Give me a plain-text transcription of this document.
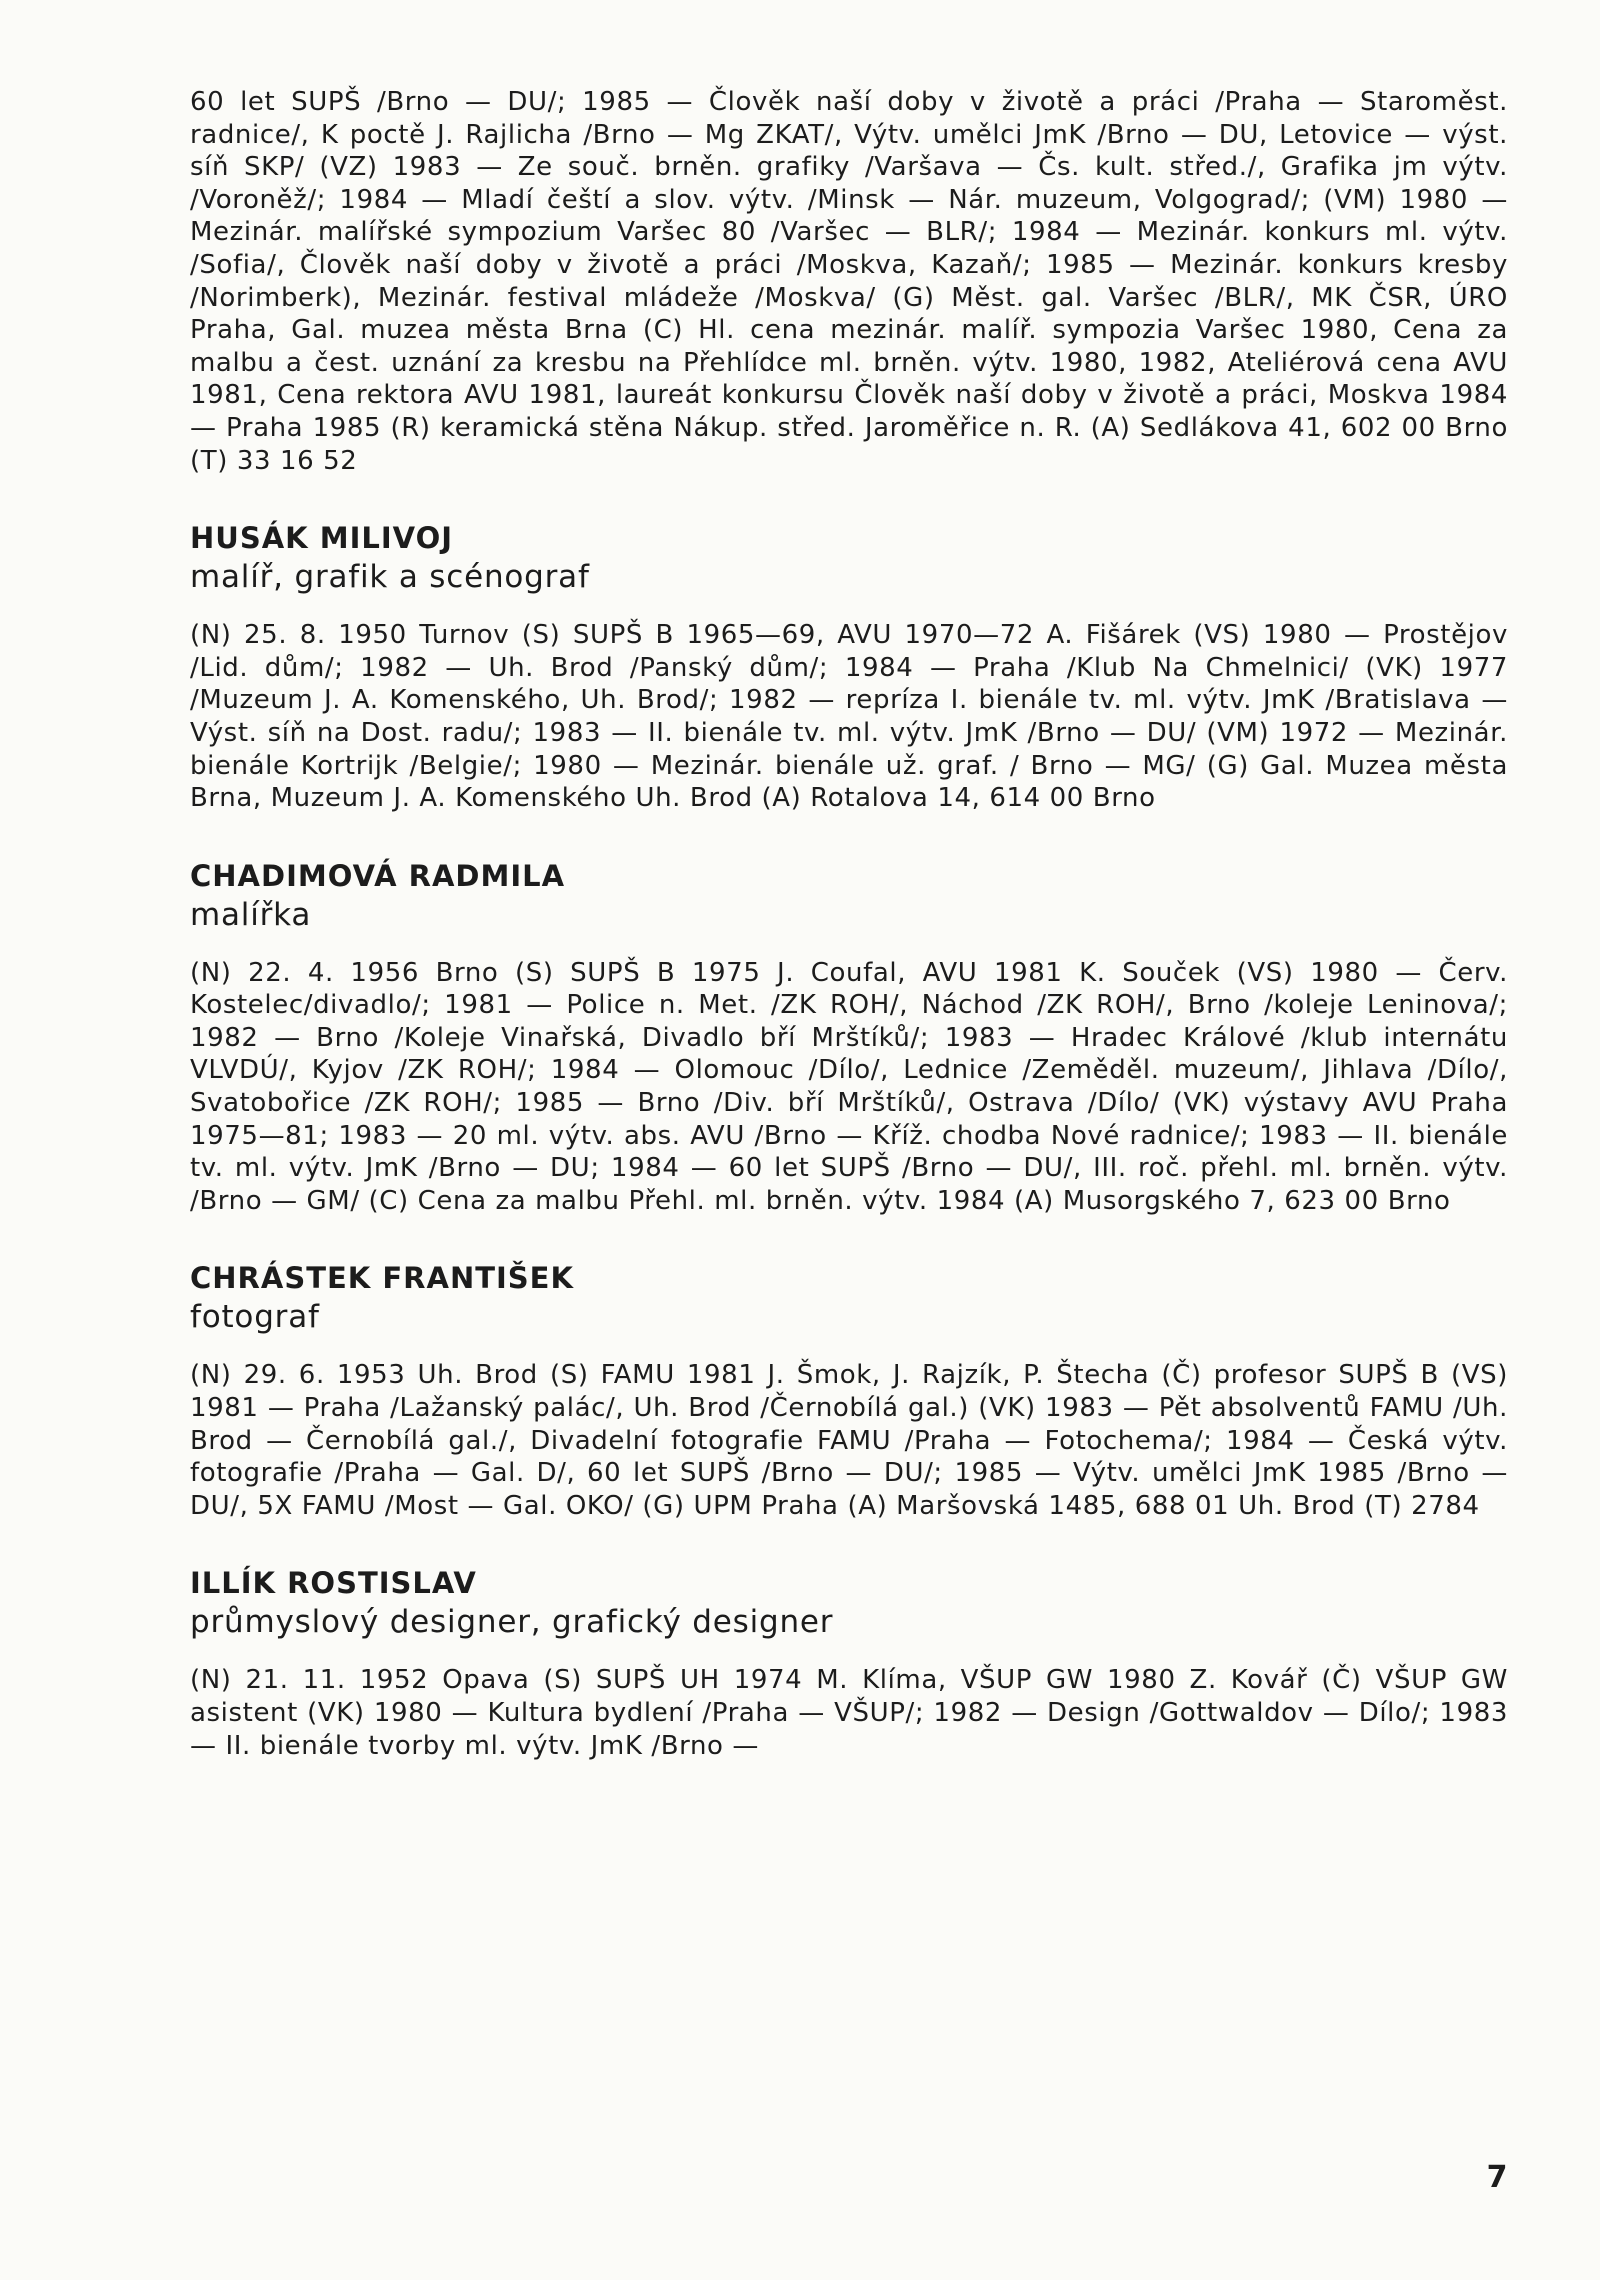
60 let SUPŠ /Brno — DU/; 1985 — Člověk naší doby v životě a práci /Praha — Staroměst. radnice/, K poctě J. Rajlicha /Brno — Mg ZKAT/, Výtv. umělci JmK /Brno — DU, Letovice — výst. síň SKP/ (VZ) 1983 — Ze souč. brněn. grafiky /Varšava — Čs. kult. střed./, Grafika jm výtv. /Voroněž/; 1984 — Mladí čeští a slov. výtv. /Minsk — Nár. muzeum, Volgograd/; (VM) 1980 — Mezinár. malířské sympozium Varšec 80 /Varšec — BLR/; 1984 — Mezinár. konkurs ml. výtv. /Sofia/, Člověk naší doby v životě a práci /Moskva, Kazaň/; 1985 — Mezinár. konkurs kresby /Norimberk), Mezinár. festival mládeže /Moskva/ (G) Měst. gal. Varšec /BLR/, MK ČSR, ÚRO Praha, Gal. muzea města Brna (C) Hl. cena mezinár. malíř. sympozia Varšec 1980, Cena za malbu a čest. uznání za kresbu na Přehlídce ml. brněn. výtv. 1980, 1982, Ateliérová cena AVU 1981, Cena rektora AVU 1981, laureát konkursu Člověk naší doby v životě a práci, Moskva 1984 — Praha 1985 (R) keramická stěna Nákup. střed. Jaroměřice n. R. (A) Sedlákova 41, 602 00 Brno (T) 33 16 52

HUSÁK MILIVOJ

malíř, grafik a scénograf

(N) 25. 8. 1950 Turnov (S) SUPŠ B 1965—69, AVU 1970—72 A. Fišárek (VS) 1980 — Prostějov /Lid. dům/; 1982 — Uh. Brod /Panský dům/; 1984 — Praha /Klub Na Chmelnici/ (VK) 1977 /Muzeum J. A. Komenského, Uh. Brod/; 1982 — repríza I. bienále tv. ml. výtv. JmK /Bratislava — Výst. síň na Dost. radu/; 1983 — II. bienále tv. ml. výtv. JmK /Brno — DU/ (VM) 1972 — Mezinár. bienále Kortrijk /Belgie/; 1980 — Mezinár. bienále už. graf. / Brno — MG/ (G) Gal. Muzea města Brna, Muzeum J. A. Komenského Uh. Brod (A) Rotalova 14, 614 00 Brno

CHADIMOVÁ RADMILA

malířka

(N) 22. 4. 1956 Brno (S) SUPŠ B 1975 J. Coufal, AVU 1981 K. Souček (VS) 1980 — Červ. Kostelec/divadlo/; 1981 — Police n. Met. /ZK ROH/, Náchod /ZK ROH/, Brno /koleje Leninova/; 1982 — Brno /Koleje Vinařská, Divadlo bří Mrštíků/; 1983 — Hradec Králové /klub internátu VLVDÚ/, Kyjov /ZK ROH/; 1984 — Olomouc /Dílo/, Lednice /Zeměděl. muzeum/, Jihlava /Dílo/, Svatobořice /ZK ROH/; 1985 — Brno /Div. bří Mrštíků/, Ostrava /Dílo/ (VK) výstavy AVU Praha 1975—81; 1983 — 20 ml. výtv. abs. AVU /Brno — Kříž. chodba Nové radnice/; 1983 — II. bienále tv. ml. výtv. JmK /Brno — DU; 1984 — 60 let SUPŠ /Brno — DU/, III. roč. přehl. ml. brněn. výtv. /Brno — GM/ (C) Cena za malbu Přehl. ml. brněn. výtv. 1984 (A) Musorgského 7, 623 00 Brno

CHRÁSTEK FRANTIŠEK

fotograf

(N) 29. 6. 1953 Uh. Brod (S) FAMU 1981 J. Šmok, J. Rajzík, P. Štecha (Č) profesor SUPŠ B (VS) 1981 — Praha /Lažanský palác/, Uh. Brod /Černobílá gal.) (VK) 1983 — Pět absolventů FAMU /Uh. Brod — Černobílá gal./, Divadelní fotografie FAMU /Praha — Fotochema/; 1984 — Česká výtv. fotografie /Praha — Gal. D/, 60 let SUPŠ /Brno — DU/; 1985 — Výtv. umělci JmK 1985 /Brno — DU/, 5X FAMU /Most — Gal. OKO/ (G) UPM Praha (A) Maršovská 1485, 688 01 Uh. Brod (T) 2784

ILLÍK ROSTISLAV

průmyslový designer, grafický designer

(N) 21. 11. 1952 Opava (S) SUPŠ UH 1974 M. Klíma, VŠUP GW 1980 Z. Kovář (Č) VŠUP GW asistent (VK) 1980 — Kultura bydlení /Praha — VŠUP/; 1982 — Design /Gottwaldov — Dílo/; 1983 — II. bienále tvorby ml. výtv. JmK /Brno —

7
